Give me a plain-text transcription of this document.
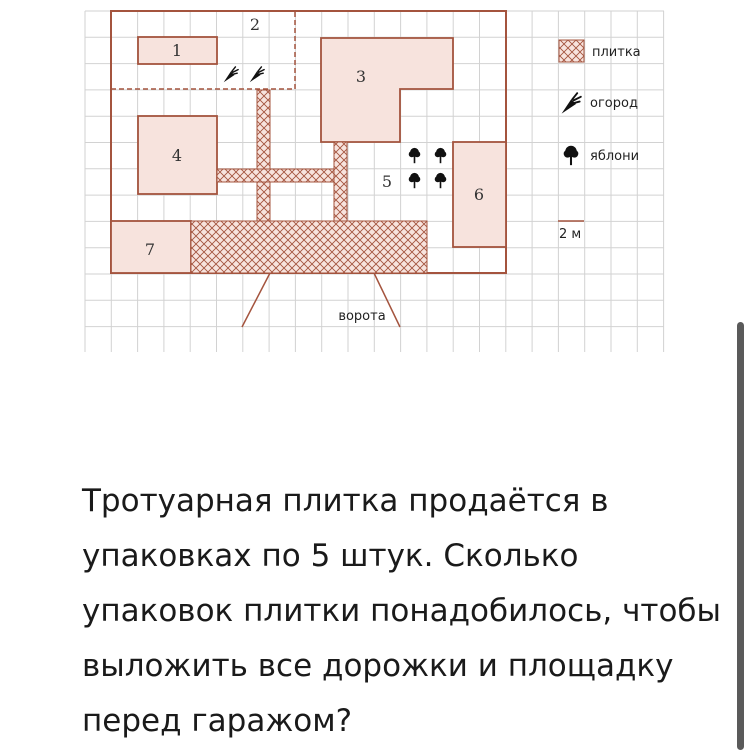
1
2
3
4
5
6
7
ворота
плитка
огород
яблони
2 м

Тротуарная плитка продаётся в упаковках по 5 штук. Сколько упаковок плитки понадобилось, чтобы выложить все дорожки и площадку перед гаражом?
